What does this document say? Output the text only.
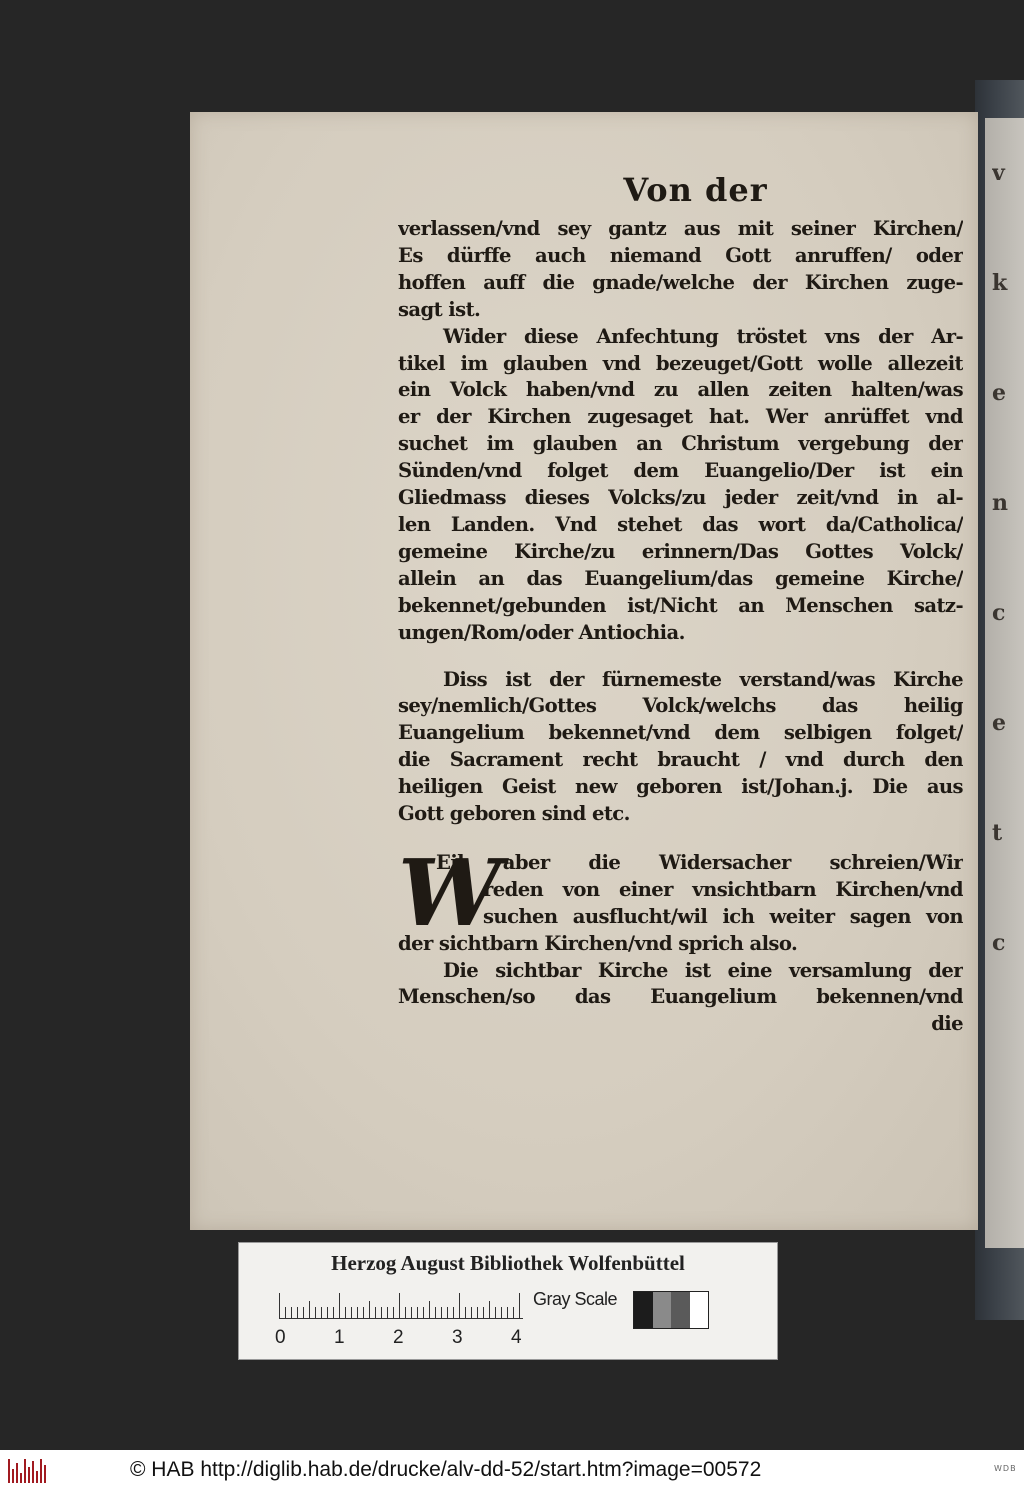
v
k
e
n
c
e
t
c
Von der
verlassen/vnd sey gantz aus mit seiner Kirchen/
Es dürffe auch niemand Gott anruffen/ oder
hoffen auff die gnade/welche der Kirchen zuge-
sagt ist.
Wider diese Anfechtung tröstet vns der Ar-
tikel im glauben vnd bezeuget/Gott wolle allezeit
ein Volck haben/vnd zu allen zeiten halten/was
er der Kirchen zugesaget hat. Wer anrüffet vnd
suchet im glauben an Christum vergebung der
Sünden/vnd folget dem Euangelio/Der ist ein
Gliedmass dieses Volcks/zu jeder zeit/vnd in al-
len Landen. Vnd stehet das wort da/Catholica/
gemeine Kirche/zu erinnern/Das Gottes Volck/
allein an das Euangelium/das gemeine Kirche/
bekennet/gebunden ist/Nicht an Menschen satz-
ungen/Rom/oder Antiochia.
Diss ist der fürnemeste verstand/was Kirche
sey/nemlich/Gottes Volck/welchs das heilig
Euangelium bekennet/vnd dem selbigen folget/
die Sacrament recht braucht / vnd durch den
heiligen Geist new geboren ist/Johan.j. Die aus
Gott geboren sind etc.
W
Eil aber die Widersacher schreien/Wir
reden von einer vnsichtbarn Kirchen/vnd
suchen ausflucht/wil ich weiter sagen von
der sichtbarn Kirchen/vnd sprich also.
Die sichtbar Kirche ist eine versamlung der
Menschen/so das Euangelium bekennen/vnd
die
Herzog August Bibliothek Wolfenbüttel
0	1	2	3	4
Gray Scale
© HAB http://diglib.hab.de/drucke/alv-dd-52/start.htm?image=00572	WDB
